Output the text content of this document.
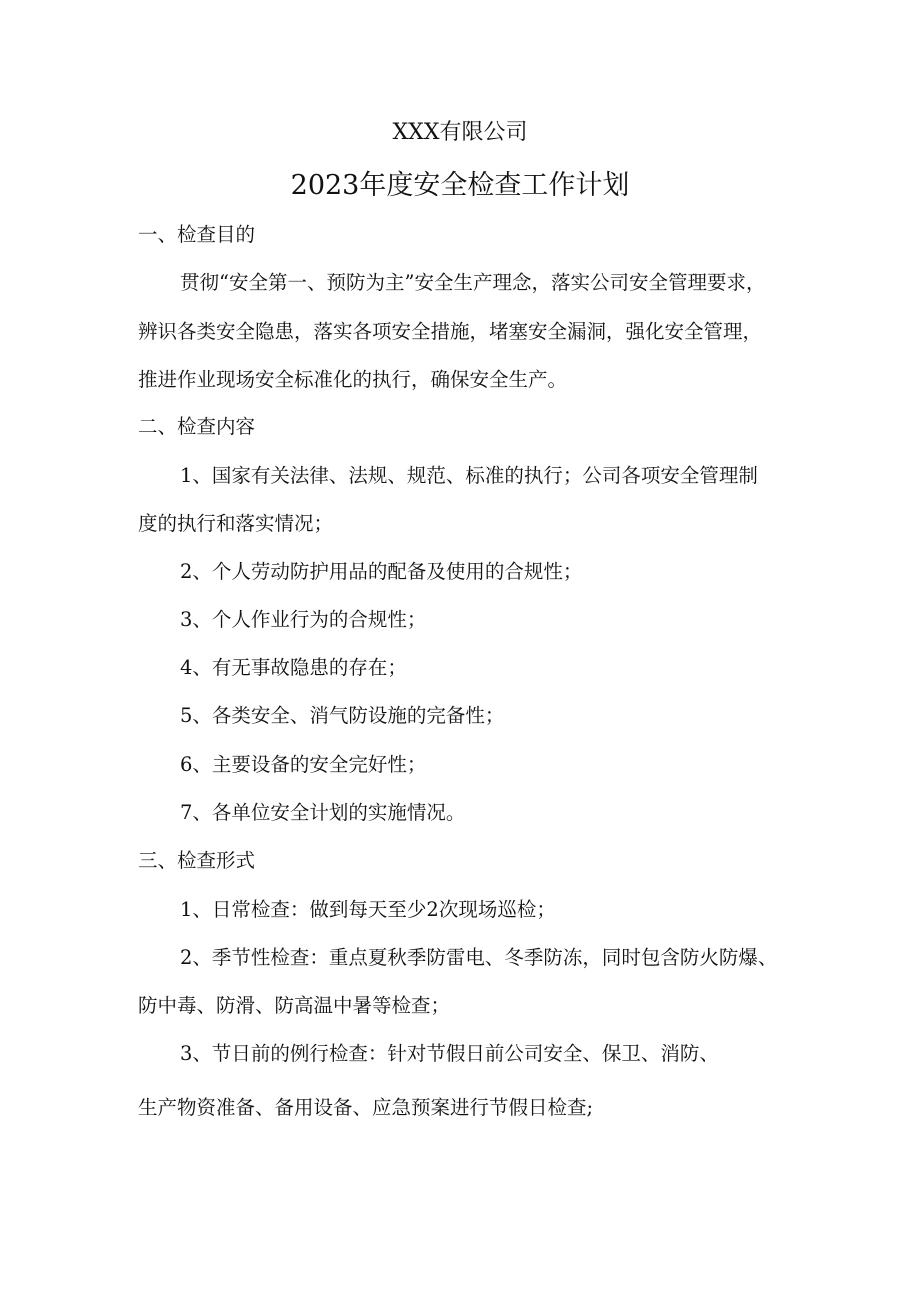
XXX有限公司
2023年度安全检查工作计划
一、检查目的
贯彻“安全第一、预防为主”安全生产理念，落实公司安全管理要求，
辨识各类安全隐患，落实各项安全措施，堵塞安全漏洞，强化安全管理，
推进作业现场安全标准化的执行，确保安全生产。
二、检查内容
1、国家有关法律、法规、规范、标准的执行；公司各项安全管理制
度的执行和落实情况；
2、个人劳动防护用品的配备及使用的合规性；
3、个人作业行为的合规性；
4、有无事故隐患的存在；
5、各类安全、消气防设施的完备性；
6、主要设备的安全完好性；
7、各单位安全计划的实施情况。
三、检查形式
1、日常检查：做到每天至少2次现场巡检；
2、季节性检查：重点夏秋季防雷电、冬季防冻，同时包含防火防爆、
防中毒、防滑、防高温中暑等检查；
3、节日前的例行检查：针对节假日前公司安全、保卫、消防、
生产物资准备、备用设备、应急预案进行节假日检查;
